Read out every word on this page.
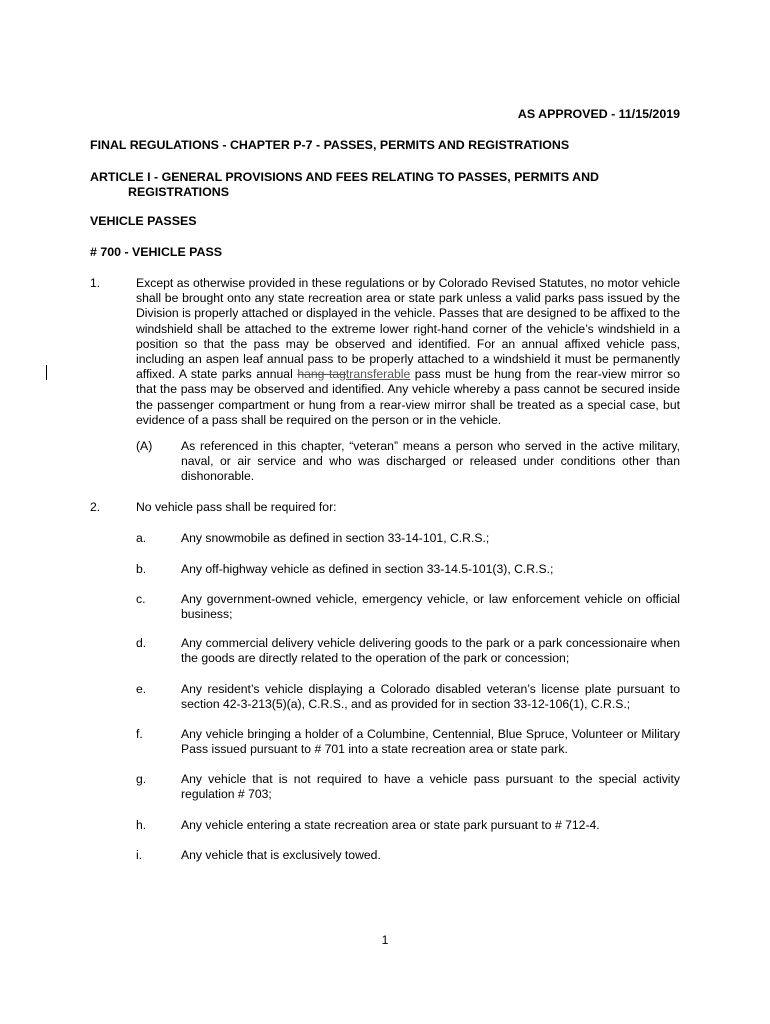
AS APPROVED - 11/15/2019
FINAL REGULATIONS - CHAPTER P-7 - PASSES, PERMITS AND REGISTRATIONS
ARTICLE I - GENERAL PROVISIONS AND FEES RELATING TO PASSES, PERMITS AND
REGISTRATIONS
VEHICLE PASSES
# 700 - VEHICLE PASS
1.	Except as otherwise provided in these regulations or by Colorado Revised Statutes, no motor vehicle shall be brought onto any state recreation area or state park unless a valid parks pass issued by the Division is properly attached or displayed in the vehicle. Passes that are designed to be affixed to the windshield shall be attached to the extreme lower right-hand corner of the vehicle’s windshield in a position so that the pass may be observed and identified. For an annual affixed vehicle pass, including an aspen leaf annual pass to be properly attached to a windshield it must be permanently affixed. A state parks annual hang tagtransferable pass must be hung from the rear-view mirror so that the pass may be observed and identified. Any vehicle whereby a pass cannot be secured inside the passenger compartment or hung from a rear-view mirror shall be treated as a special case, but evidence of a pass shall be required on the person or in the vehicle.
(A) As referenced in this chapter, “veteran” means a person who served in the active military, naval, or air service and who was discharged or released under conditions other than dishonorable.
2.	No vehicle pass shall be required for:
a.	Any snowmobile as defined in section 33-14-101, C.R.S.;
b.	Any off-highway vehicle as defined in section 33-14.5-101(3), C.R.S.;
c.	Any government-owned vehicle, emergency vehicle, or law enforcement vehicle on official business;
d.	Any commercial delivery vehicle delivering goods to the park or a park concessionaire when the goods are directly related to the operation of the park or concession;
e.	Any resident’s vehicle displaying a Colorado disabled veteran’s license plate pursuant to section 42-3-213(5)(a), C.R.S., and as provided for in section 33-12-106(1), C.R.S.;
f.	Any vehicle bringing a holder of a Columbine, Centennial, Blue Spruce, Volunteer or Military Pass issued pursuant to # 701 into a state recreation area or state park.
g.	Any vehicle that is not required to have a vehicle pass pursuant to the special activity regulation # 703;
h.	Any vehicle entering a state recreation area or state park pursuant to # 712-4.
i.	Any vehicle that is exclusively towed.
1
